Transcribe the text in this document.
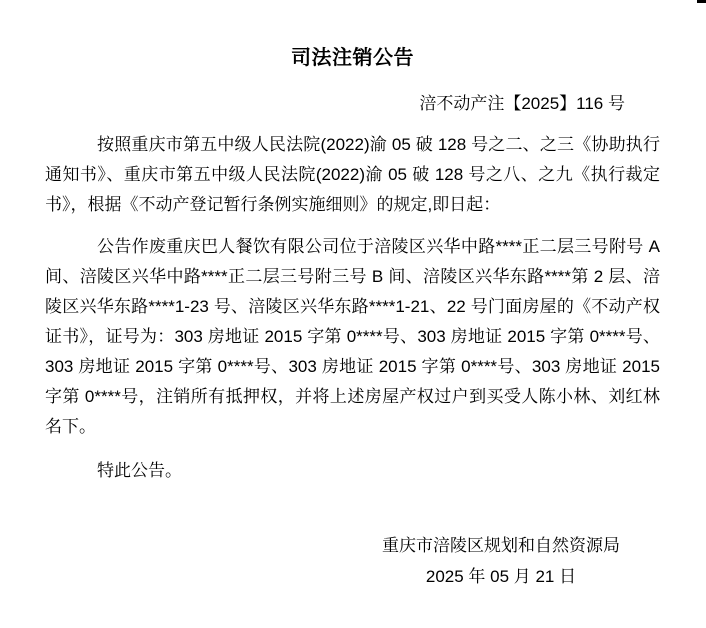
司法注销公告
涪不动产注【2025】116 号

按照重庆市第五中级人民法院(2022)渝 05 破 128 号之二、之三《协助执行通知书》、重庆市第五中级人民法院(2022)渝 05 破 128 号之八、之九《执行裁定书》，根据《不动产登记暂行条例实施细则》的规定,即日起：

公告作废重庆巴人餐饮有限公司位于涪陵区兴华中路****正二层三号附号 A 间、涪陵区兴华中路****正二层三号附三号 B 间、涪陵区兴华东路****第 2 层、涪陵区兴华东路****1-23 号、涪陵区兴华东路****1-21、22 号门面房屋的《不动产权证书》，证号为：303 房地证 2015 字第 0****号、303 房地证 2015 字第 0****号、303 房地证 2015 字第 0****号、303 房地证 2015 字第 0****号、303 房地证 2015 字第 0****号，注销所有抵押权，并将上述房屋产权过户到买受人陈小林、刘红林名下。

特此公告。

重庆市涪陵区规划和自然资源局
2025 年 05 月 21 日
